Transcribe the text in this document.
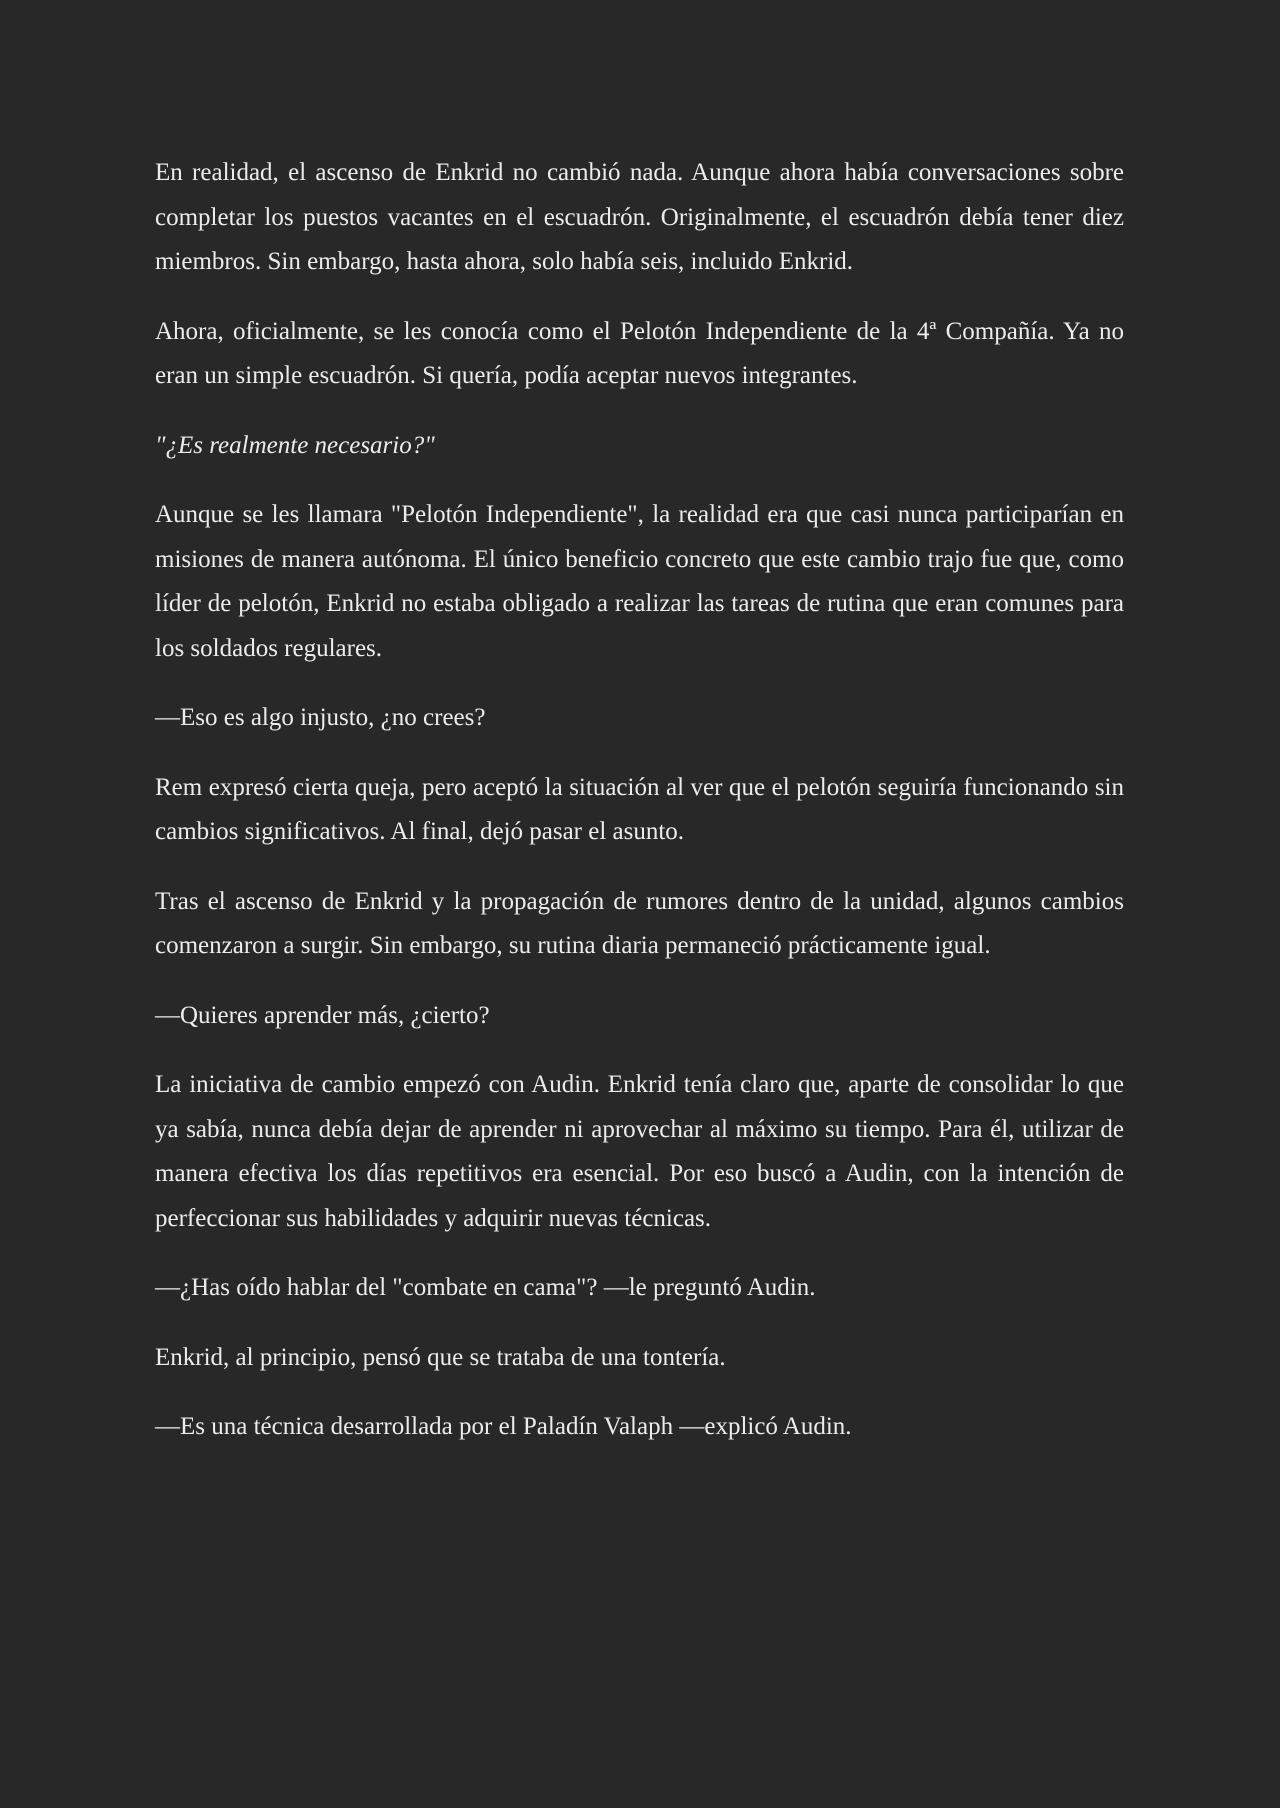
En realidad, el ascenso de Enkrid no cambió nada. Aunque ahora había conversaciones sobre completar los puestos vacantes en el escuadrón. Originalmente, el escuadrón debía tener diez miembros. Sin embargo, hasta ahora, solo había seis, incluido Enkrid.

Ahora, oficialmente, se les conocía como el Pelotón Independiente de la 4ª Compañía. Ya no eran un simple escuadrón. Si quería, podía aceptar nuevos integrantes.

"¿Es realmente necesario?"

Aunque se les llamara "Pelotón Independiente", la realidad era que casi nunca participarían en misiones de manera autónoma. El único beneficio concreto que este cambio trajo fue que, como líder de pelotón, Enkrid no estaba obligado a realizar las tareas de rutina que eran comunes para los soldados regulares.

—Eso es algo injusto, ¿no crees?

Rem expresó cierta queja, pero aceptó la situación al ver que el pelotón seguiría funcionando sin cambios significativos. Al final, dejó pasar el asunto.

Tras el ascenso de Enkrid y la propagación de rumores dentro de la unidad, algunos cambios comenzaron a surgir. Sin embargo, su rutina diaria permaneció prácticamente igual.

—Quieres aprender más, ¿cierto?

La iniciativa de cambio empezó con Audin. Enkrid tenía claro que, aparte de consolidar lo que ya sabía, nunca debía dejar de aprender ni aprovechar al máximo su tiempo. Para él, utilizar de manera efectiva los días repetitivos era esencial. Por eso buscó a Audin, con la intención de perfeccionar sus habilidades y adquirir nuevas técnicas.

—¿Has oído hablar del "combate en cama"? —le preguntó Audin.

Enkrid, al principio, pensó que se trataba de una tontería.

—Es una técnica desarrollada por el Paladín Valaph —explicó Audin.
